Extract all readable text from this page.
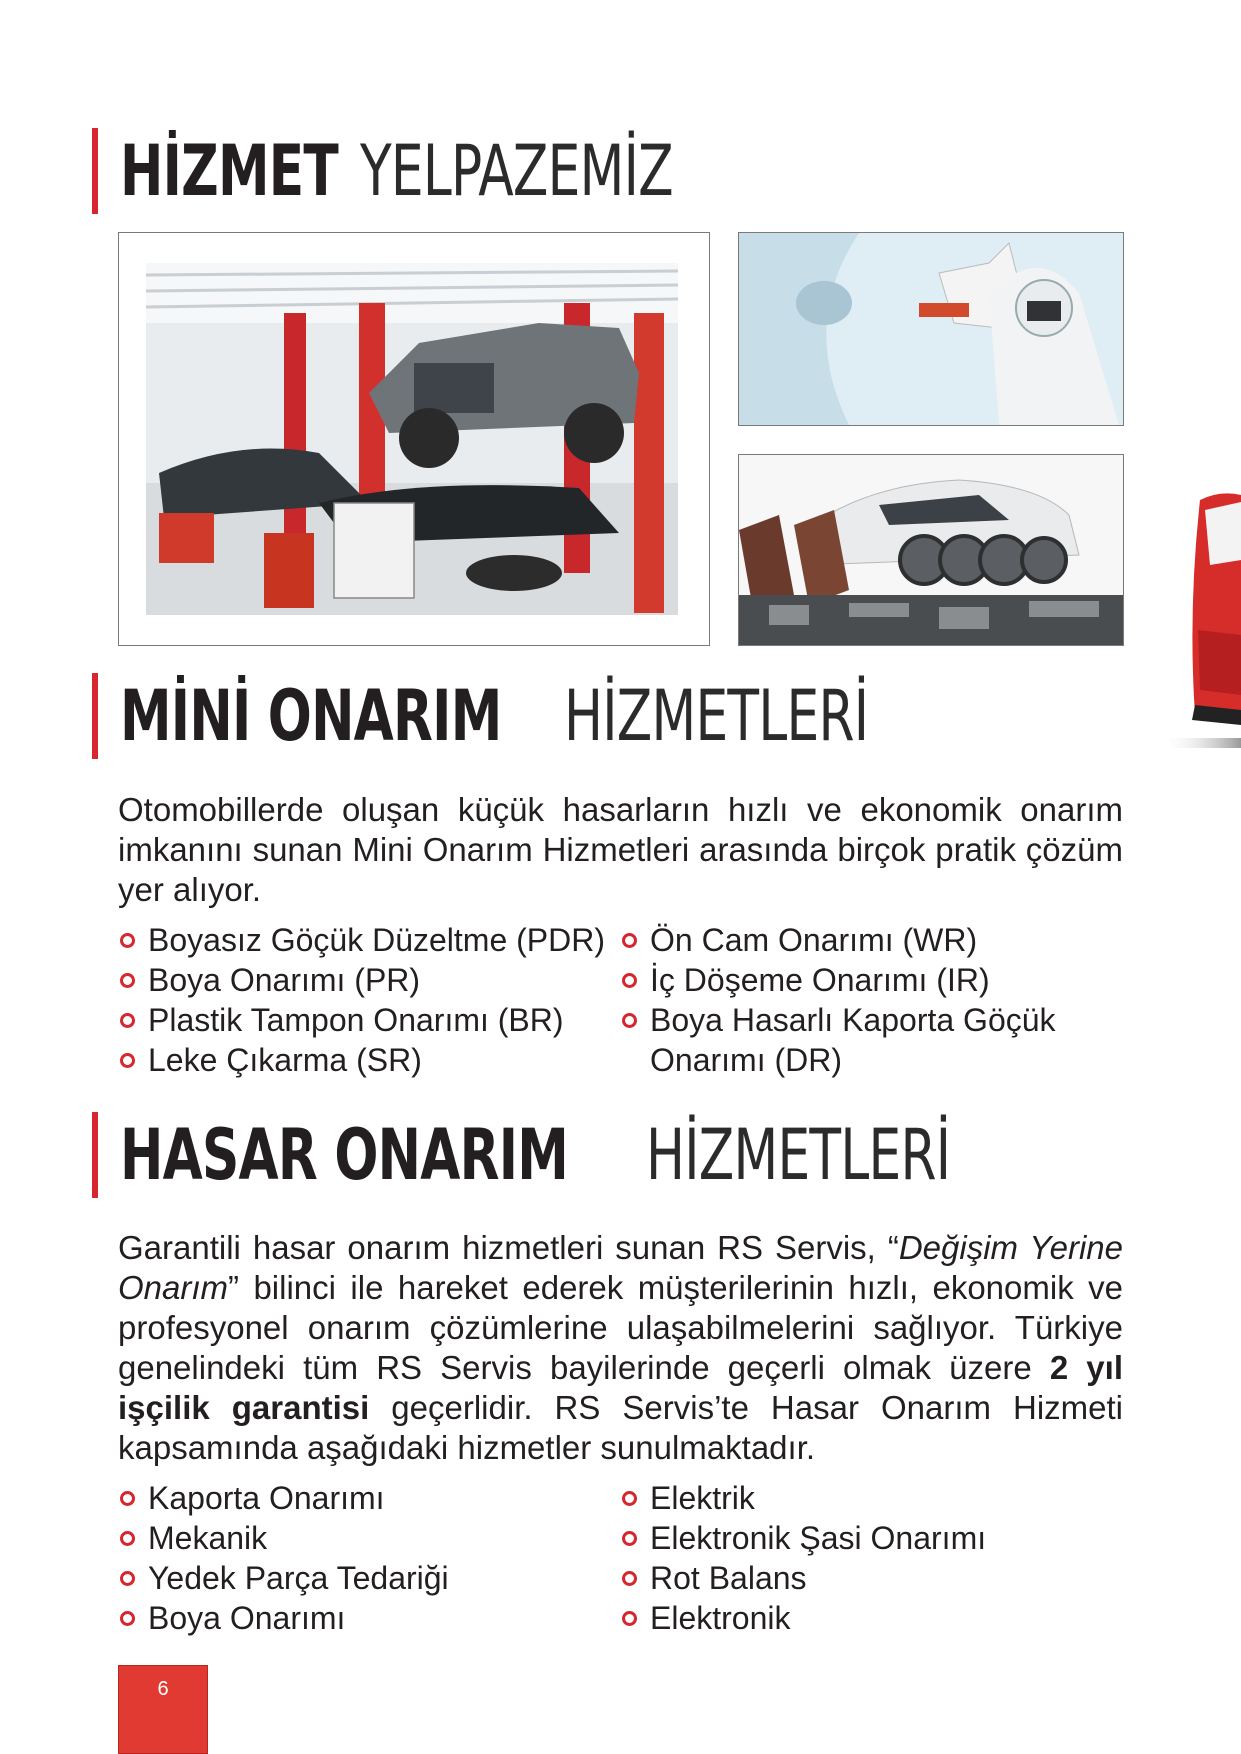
HİZMET YELPAZEMİZ
MİNİ ONARIM HİZMETLERİ

Otomobillerde oluşan küçük hasarların hızlı ve ekonomik onarım imkanını sunan Mini Onarım Hizmetleri arasında birçok pratik çözüm yer alıyor.

Boyasız Göçük Düzeltme (PDR)
Boya Onarımı (PR)
Plastik Tampon Onarımı (BR)
Leke Çıkarma (SR)
Ön Cam Onarımı (WR)
İç Döşeme Onarımı (IR)
Boya Hasarlı Kaporta Göçük Onarımı (DR)
HASAR ONARIM HİZMETLERİ

Garantili hasar onarım hizmetleri sunan RS Servis, “Değişim Yerine Onarım” bilinci ile hareket ederek müşterilerinin hızlı, ekonomik ve profesyonel onarım çözümlerine ulaşabilmelerini sağlıyor. Türkiye genelindeki tüm RS Servis bayilerinde geçerli olmak üzere 2 yıl işçilik garantisi geçerlidir. RS Servis’te Hasar Onarım Hizmeti kapsamında aşağıdaki hizmetler sunulmaktadır.

Kaporta Onarımı
Mekanik
Yedek Parça Tedariği
Boya Onarımı
Elektrik
Elektronik Şasi Onarımı
Rot Balans
Elektronik
6
